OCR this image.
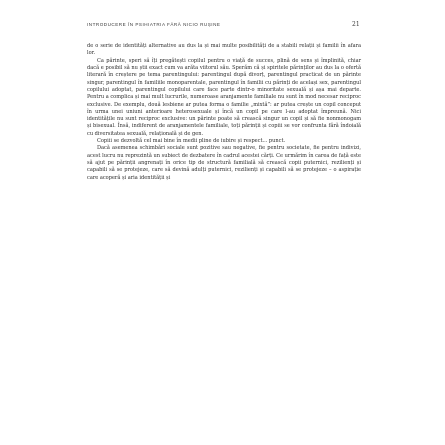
INTRODUCERE ÎN PSIHIATRIA FĂRĂ NICIO RUȘINE	21

de o serie de identități alternative au dus la și mai multe posibilități de a stabili relații și familii în afara lor.

Ca părinte, speri să îți pregătești copilul pentru o viață de succes, plină de sens și împlinită, chiar dacă e posibil să nu știi exact cum va arăta viitorul său. Sperăm că și spiritele părinților au dus la o ofertă literară în creștere pe tema parentingului: parentingul după divorț, parentingul practicat de un părinte singur, parentingul în familiile monoparentale, parentingul în familii cu părinți de același sex, parentingul copilului adoptat, parentingul copilului care face parte dintr-o minoritate sexuală și așa mai departe. Pentru a complica și mai mult lucrurile, numeroase aranjamente familiale nu sunt în mod necesar reciproc exclusive. De exemplu, două lesbiene ar putea forma o familie „mixtă”: ar putea crește un copil conceput în urma unei uniuni anterioare heterosexuale și încă un copil pe care l-au adoptat împreună. Nici identitățile nu sunt reciproc exclusive: un părinte poate să crească singur un copil și să fie nonmonogam și bisexual. Însă, indiferent de aranjamentele familiale, toți părinții și copiii se vor confrunta fără îndoială cu diversitatea sexuală, relațională și de gen.

Copiii se dezvoltă cel mai bine în medii pline de iubire și respect... punct.

Dacă asemenea schimbări sociale sunt pozitive sau negative, fie pentru societate, fie pentru indivizi, acest lucru nu reprezintă un subiect de dezbatere în cadrul acestei cărți. Ce urmărim în carea de față este să ajut pe părinții angrenați în orice tip de structură familială să crească copii puternici, rezilienți și capabili să se protejeze, care să devină adulți puternici, rezilienți și capabili să se protejeze – o aspirație care acoperă și aria identității și
